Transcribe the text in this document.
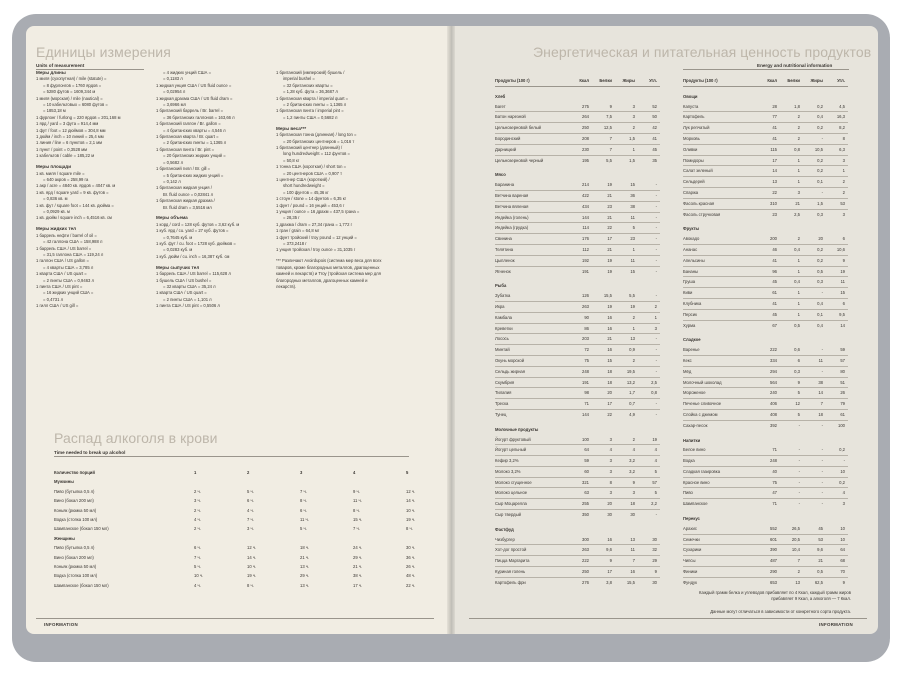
Единицы измерения
Units of measurement
Меры длины
1 миля (сухопутная) / mile (statute) =
= 8 фурлонгов = 1760 ярдов =
= 5280 футов = 1609,344 м
1 миля (морская) / mile (nautical) =
= 10 кабельтовых = 6080 футов =
= 1853,18 м
1 фурлонг / furlong = 220 ярдов = 201,168 м
1 ярд / yard = 3 фута = 914,4 мм
1 фут / foot = 12 дюймов = 304,8 мм
1 дюйм / inch = 10 линий = 25,4 мм
1 линия / line = 6 пунктов = 2,1 мм
1 пункт / point = 0,3528 мм
1 кабельтов / cable = 185,22 м
Меры площади
1 кв. миля / square mile =
= 640 акров = 258,99 га
1 акр / acre = 4840 кв. ярдов = 4047 кв. м
1 кв. ярд / square yard = 9 кв. футов =
= 0,836 кв. м
1 кв. фут / square foot = 144 кв. дюйма =
= 0,0929 кв. м
1 кв. дюйм / square inch = 6,4516 кв. см
Меры жидких тел
1 баррель нефти / barrel of oil =
= 42 галлона США = 158,988 л
1 баррель США / US barrel =
= 31,5 галлона США = 119,24 л
1 галлон США / US gallon =
= 4 кварты США = 3,785 л
1 кварта США / US quart =
= 2 пинты США = 0,9463 л
1 пинта США / US pint =
= 16 жидких унций США =
= 0,4731 л
1 гилл США / US gill =
= 4 жидких унций США =
= 0,1183 л
1 жидкая унция США / US fluid ounce =
= 0,02954 л
1 жидкая драхма США / US fluid dram =
= 3,6966 мл
1 британский баррель / Br. barrel =
= 36 британских галлонов = 163,66 л
1 британский галлон / Br. gallon =
= 4 британских кварты = 4,546 л
1 британская кварта / Br. quart =
= 2 британских пинты = 1,1365 л
1 британская пинта / Br. pint =
= 20 британских жидких унций =
= 0,5682 л
1 британский гилл / Br. gill =
= 5 британских жидких унций =
= 0,142 л
1 британская жидкая унция /
Br. fluid ounce = 0,02841 л
1 британская жидкая драхма /
Br. fluid dram = 3,5516 мл
Меры объема
1 корд / cord = 128 куб. футов = 3,62 куб. м
1 куб. ярд / cu. yard = 27 куб. футов =
= 0,7645 куб. м
1 куб. фут / cu. foot = 1728 куб. дюймов =
= 0,0283 куб. м
1 куб. дюйм / cu. inch = 16,387 куб. см
Меры сыпучих тел
1 баррель США / US barrel = 115,628 л
1 бушель США / US bushel =
= 32 кварты США = 35,24 л
1 кварта США / US quart =
= 2 пинты США = 1,101 л
1 пинта США / US pint = 0,5506 л
1 британский (имперский) бушель /
imperial bushel =
= 32 британских кварты =
= 1,28 куб. фута = 36,3687 л
1 британская кварта / imperial quart =
= 2 британских пинты = 1,1365 л
1 британская пинта / imperial pint =
= 1,2 пинты США = 0,5682 л
Меры веса***
1 британская тонна (длинная) / long ton =
= 20 британских центнеров = 1,016 т
1 британский центнер (длинный) /
long hundredweight = 112 фунтов =
= 50,8 кг
1 тонна США (короткая) / short ton =
= 20 центнеров США = 0,907 т
1 центнер США (короткий) /
short hundredweight =
= 100 фунтов = 45,36 кг
1 стоун / stone = 14 фунтов = 6,35 кг
1 фунт / pound = 16 унций = 453,6 г
1 унция / ounce = 16 драхм = 437,5 грана =
= 28,35 г
1 драхма / dram = 27,34 грана = 1,772 г
1 гран / grain = 64,8 мг
1 фунт тройский / troy pound = 12 унций =
= 373,2418 г
1 унция тройская / troy ounce = 31,1035 г
*** Различают Avoirdupois (система мер веса для всех товаров, кроме благородных металлов, драгоценных камней и лекарств) и Troy (тройская система мер для благородных металлов, драгоценных камней и лекарств).
Распад алкоголя в крови
Time needed to break up alcohol
Количество порций	1	2	3	4	5
Мужчины					
Пиво (бутылка 0,5 л)	2 ч.	5 ч.	7 ч.	9 ч.	12 ч.
Вино (бокал 200 мл)	3 ч.	6 ч.	8 ч.	11 ч.	14 ч.
Коньяк (рюмка 50 мл)	2 ч.	4 ч.	6 ч.	8 ч.	10 ч.
Водка (стопка 100 мл)	4 ч.	7 ч.	11 ч.	15 ч.	19 ч.
Шампанское (бокал 150 мл)	2 ч.	3 ч.	5 ч.	7 ч.	8 ч.
Женщины					
Пиво (бутылка 0,5 л)	6 ч.	12 ч.	18 ч.	24 ч.	30 ч.
Вино (бокал 200 мл)	7 ч.	14 ч.	21 ч.	29 ч.	36 ч.
Коньяк (рюмка 50 мл)	5 ч.	10 ч.	13 ч.	21 ч.	26 ч.
Водка (стопка 100 мл)	10 ч.	19 ч.	29 ч.	38 ч.	48 ч.
Шампанское (бокал 150 мл)	4 ч.	8 ч.	13 ч.	17 ч.	22 ч.
INFORMATION
Энергетическая и питательная ценность продуктов
Energy and nutritional information
Продукты (100 г)	Ккал	Белки	Жиры	Угл.

Хлеб				
Багет	275	9	3	52
Батон нарезной	264	7,5	3	50
Цельнозерновой белый	250	12,5	2	42
Бородинский	208	7	1,5	41
Дарницкий	230	7	1	45
Цельнозерновой черный	195	5,5	1,5	35

Мясо				
Баранина	214	19	15	-
Ветчина вареная	422	21	36	-
Ветчина вяленая	434	23	38	-
Индейка (голень)	144	21	11	-
Индейка (грудка)	114	22	5	-
Свинина	176	17	23	-
Телятина	112	21	1	-
Цыпленок	192	19	11	-
Ягненок	191	19	15	-

Рыба				
Зубатка	126	15,5	5,5	-
Икра	263	19	19	2
Камбала	90	16	2	1
Креветки	86	16	1	3
Лосось	203	21	13	-
Минтай	72	16	0,9	-
Окунь морской	75	15	2	-
Сельдь жирная	248	18	19,5	-
Скумбрия	191	18	13,2	2,5
Тилапия	98	20	1,7	0,8
Треска	71	17	0,7	-
Тунец	144	22	4,9	-

Молочные продукты				
Йогурт фруктовый	100	3	2	19
Йогурт цельный	64	4	4	4
Кефир 3,2%	59	3	3,2	4
Молоко 3,2%	60	3	3,2	5
Молоко сгущенное	321	8	9	57
Молоко цельное	63	3	3	5
Сыр Моцарелла	255	20	18	2,2
Сыр твердый	350	30	30	-

Фастфуд				
Чизбургер	300	16	13	30
Хот-дог простой	263	9,6	11	32
Пицца Маргарита	222	9	7	29
Куриная голень	250	17	16	9
Картофель фри	276	3,8	15,5	30
Продукты (100 г)	Ккал	Белки	Жиры	Угл.

Овощи				
Капуста	28	1,8	0,2	4,5
Картофель	77	2	0,4	16,3
Лук репчатый	41	2	0,2	8,2
Морковь	41	2	-	8
Оливки	115	0,8	10,5	6,3
Помидоры	17	1	0,2	3
Салат зеленый	14	1	0,2	1
Сельдерей	13	1	0,1	2
Спаржа	22	3	-	2
Фасоль красная	310	21	1,5	53
Фасоль стручковая	23	2,5	0,3	3

Фрукты				
Авокадо	200	2	20	6
Ананас	46	0,4	0,2	10,6
Апельсины	41	1	0,2	9
Бананы	96	1	0,5	19
Груша	45	0,4	0,3	11
Киви	61	1	-	15
Клубника	41	1	0,4	6
Персик	45	1	0,1	9,5
Хурма	67	0,5	0,4	14

Сладкое				
Варенье	222	0,6	-	59
Кекс	334	6	11	57
Мёд	294	0,3	-	80
Молочный шоколад	564	9	38	51
Мороженое	240	5	14	26
Печенье сливочное	406	12	7	79
Слойка с джемом	408	5	18	61
Сахар-песок	392	-	-	100

Напитки				
Белое вино	71	-	-	0,2
Водка	248	-	-	-
Сладкая газировка	40	-	-	10
Красное вино	75	-	-	0,2
Пиво	47	-	-	4
Шампанское	71	-	-	3

Перекус				
Арахис	552	26,5	45	10
Семечки	601	20,5	53	10
Сухарики	390	10,4	9,6	64
Чипсы	487	7	21	68
Финики	290	2	0,5	70
Фундук	653	13	62,5	9
Каждый грамм белка и углеводов прибавляет по 4 Ккал, каждый грамм жиров прибавляет 9 Ккал, а алкоголя — 7 Ккал.
Данные могут отличаться в зависимости от конкретного сорта продукта.
INFORMATION
